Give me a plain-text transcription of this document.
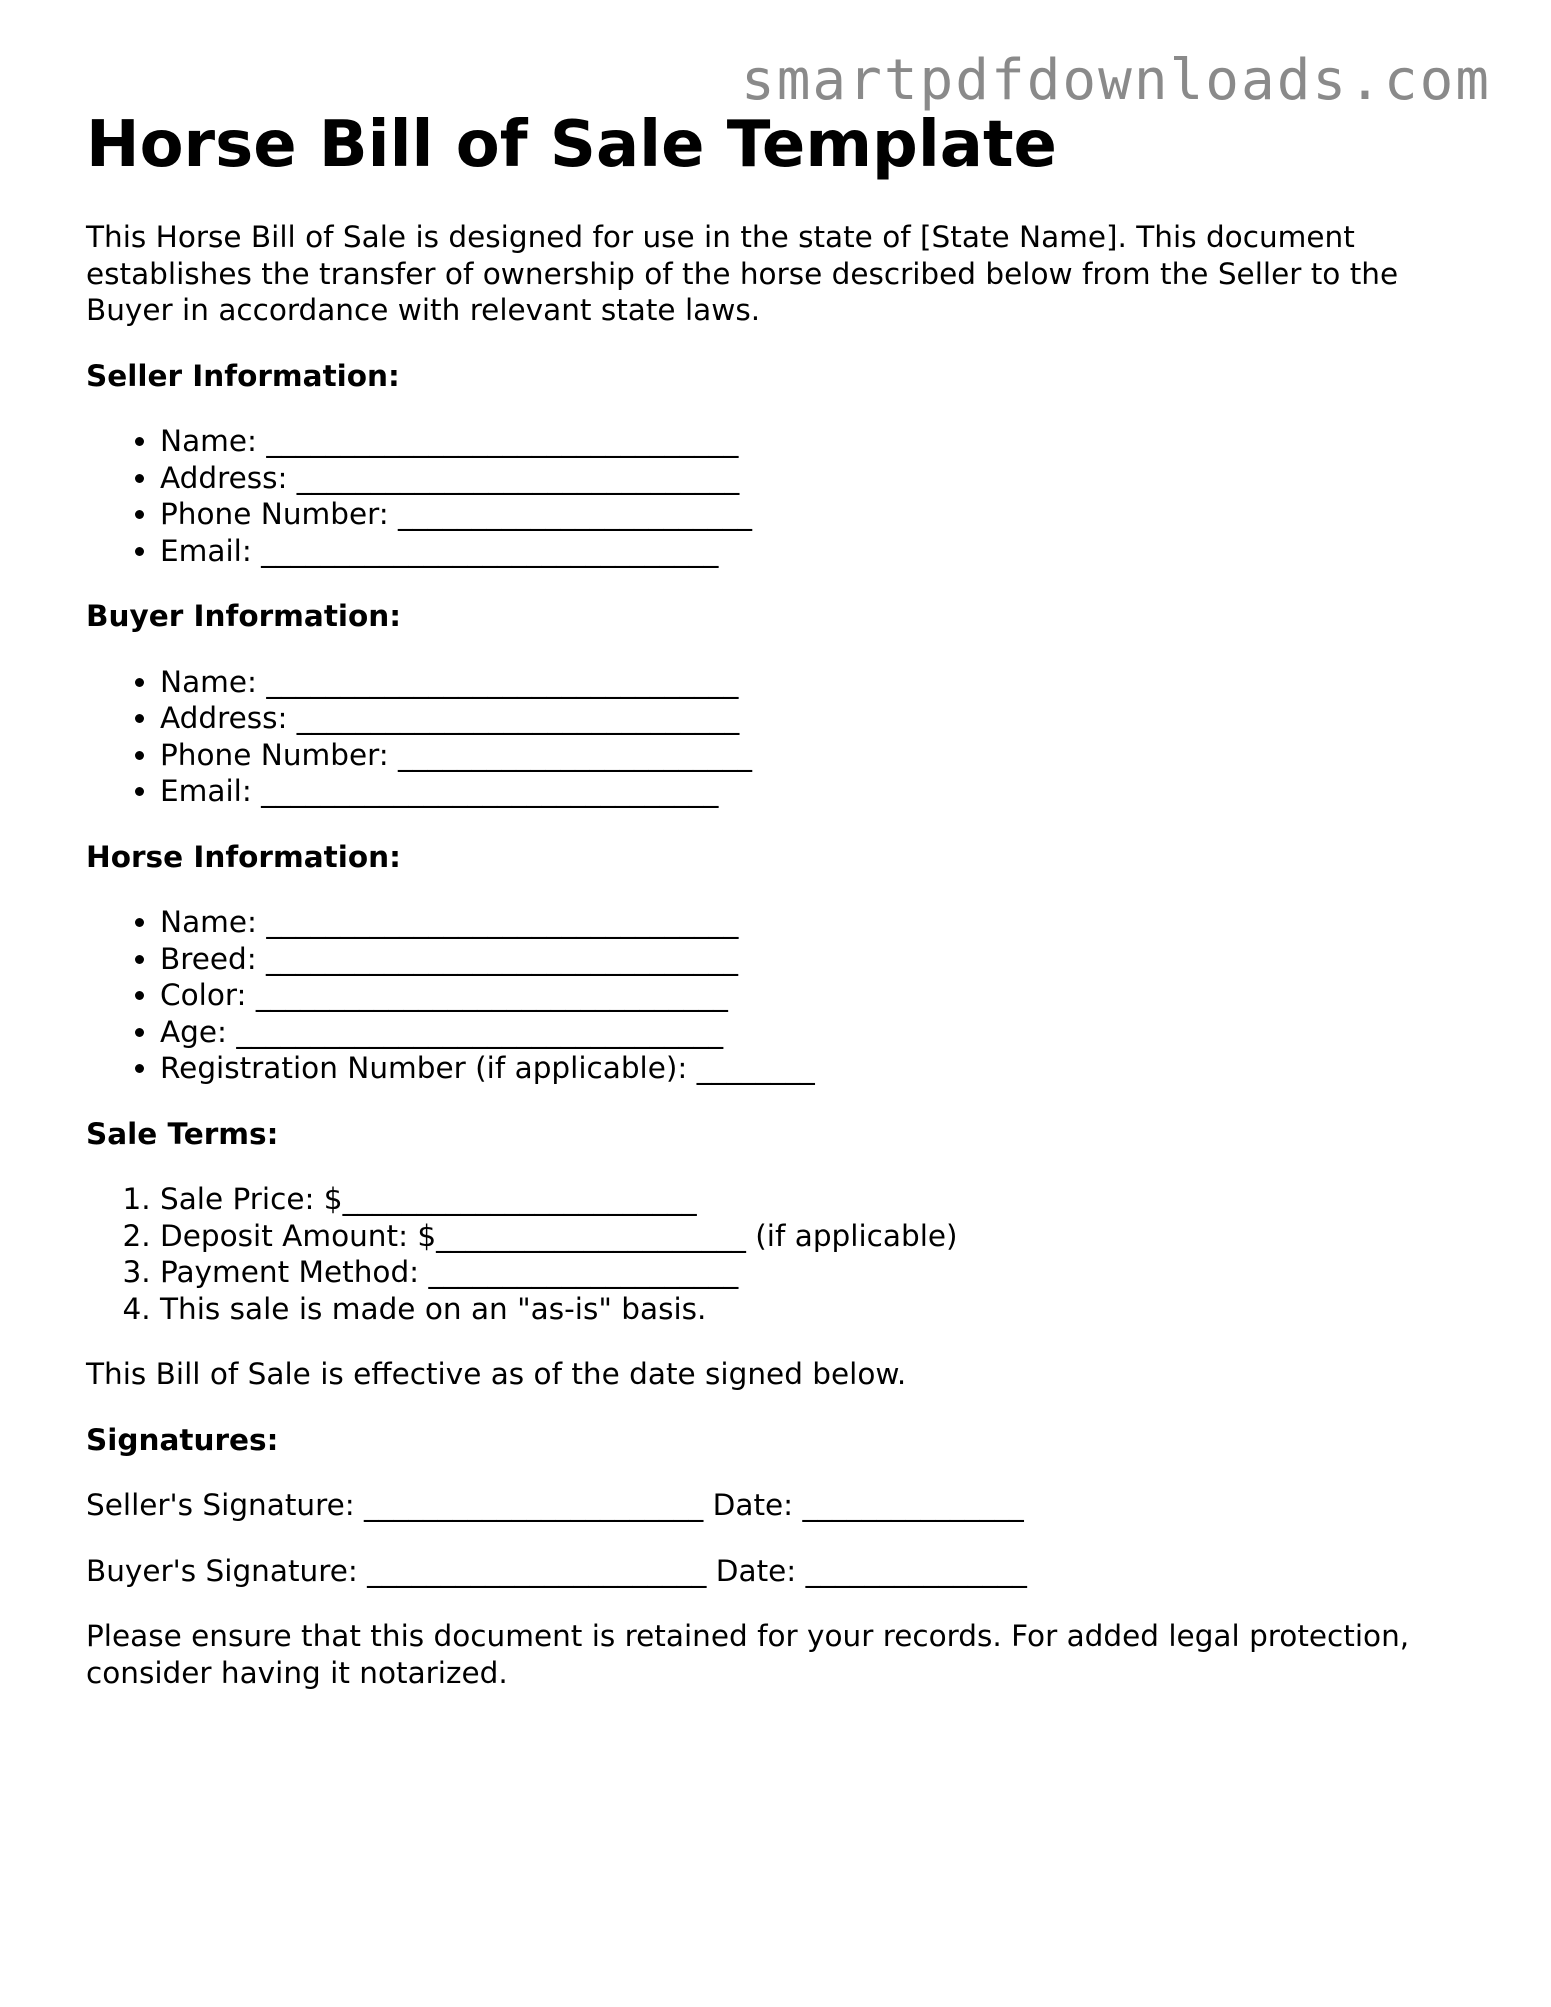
smartpdfdownloads.com
Horse Bill of Sale Template

This Horse Bill of Sale is designed for use in the state of [State Name]. This document establishes the transfer of ownership of the horse described below from the Seller to the Buyer in accordance with relevant state laws.

Seller Information:
• Name: ________________________________
• Address: ______________________________
• Phone Number: ________________________
• Email: _______________________________
Buyer Information:
• Name: ________________________________
• Address: ______________________________
• Phone Number: ________________________
• Email: _______________________________
Horse Information:
• Name: ________________________________
• Breed: ________________________________
• Color: ________________________________
• Age: _________________________________
• Registration Number (if applicable): ________
Sale Terms:
1. Sale Price: $________________________
2. Deposit Amount: $_____________________ (if applicable)
3. Payment Method: _____________________
4. This sale is made on an "as-is" basis.

This Bill of Sale is effective as of the date signed below.

Signatures:
Seller's Signature: _______________________ Date: _______________
Buyer's Signature: _______________________ Date: _______________

Please ensure that this document is retained for your records. For added legal protection, consider having it notarized.
